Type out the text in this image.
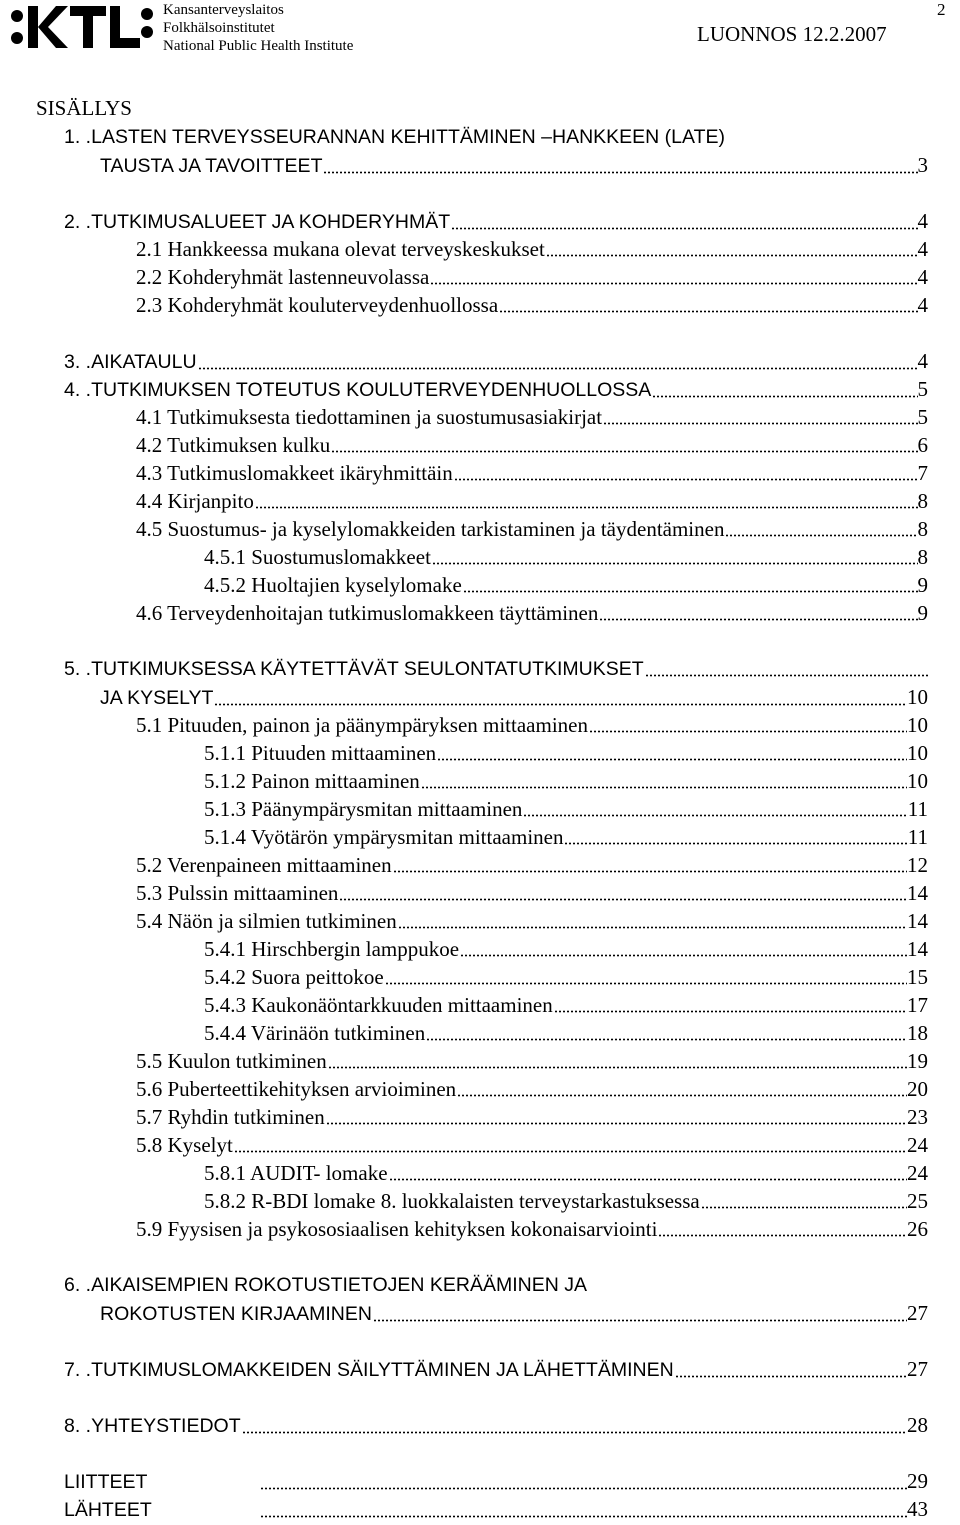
Kansanterveyslaitos
Folkhälsoinstitutet
National Public Health Institute	LUONNOS 12.2.2007
2
SISÄLLYS
1. .LASTEN TERVEYSSEURANNAN KEHITTÄMINEN –HANKKEEN (LATE)
TAUSTA JA TAVOITTEET	3
2. .TUTKIMUSALUEET JA KOHDERYHMÄT	4
2.1 Hankkeessa mukana olevat terveyskeskukset	4
2.2 Kohderyhmät lastenneuvolassa	4
2.3 Kohderyhmät kouluterveydenhuollossa	4
3. .AIKATAULU	4
4. .TUTKIMUKSEN TOTEUTUS KOULUTERVEYDENHUOLLOSSA	5
4.1 Tutkimuksesta tiedottaminen ja suostumusasiakirjat	5
4.2 Tutkimuksen kulku	6
4.3 Tutkimuslomakkeet ikäryhmittäin	7
4.4 Kirjanpito	8
4.5 Suostumus- ja kyselylomakkeiden tarkistaminen ja täydentäminen	8
4.5.1 Suostumuslomakkeet	8
4.5.2 Huoltajien kyselylomake	9
4.6 Terveydenhoitajan tutkimuslomakkeen täyttäminen	9
5. .TUTKIMUKSESSA KÄYTETTÄVÄT SEULONTATUTKIMUKSET
JA KYSELYT	10
5.1 Pituuden, painon ja päänympäryksen mittaaminen	10
5.1.1 Pituuden mittaaminen	10
5.1.2 Painon mittaaminen	10
5.1.3 Päänympärysmitan mittaaminen	11
5.1.4 Vyötärön ympärysmitan mittaaminen	11
5.2 Verenpaineen mittaaminen	12
5.3 Pulssin mittaaminen	14
5.4 Näön ja silmien tutkiminen	14
5.4.1 Hirschbergin lamppukoe	14
5.4.2 Suora peittokoe	15
5.4.3 Kaukonäöntarkkuuden mittaaminen	17
5.4.4 Värinäön tutkiminen	18
5.5 Kuulon tutkiminen	19
5.6 Puberteettikehityksen arvioiminen	20
5.7 Ryhdin tutkiminen	23
5.8 Kyselyt	24
5.8.1 AUDIT- lomake	24
5.8.2 R-BDI lomake 8. luokkalaisten terveystarkastuksessa	25
5.9 Fyysisen ja psykososiaalisen kehityksen kokonaisarviointi	26
6. .AIKAISEMPIEN ROKOTUSTIETOJEN KERÄÄMINEN JA
ROKOTUSTEN KIRJAAMINEN	27
7. .TUTKIMUSLOMAKKEIDEN SÄILYTTÄMINEN JA LÄHETTÄMINEN	27
8. .YHTEYSTIEDOT	28
LIITTEET	29
LÄHTEET	43
